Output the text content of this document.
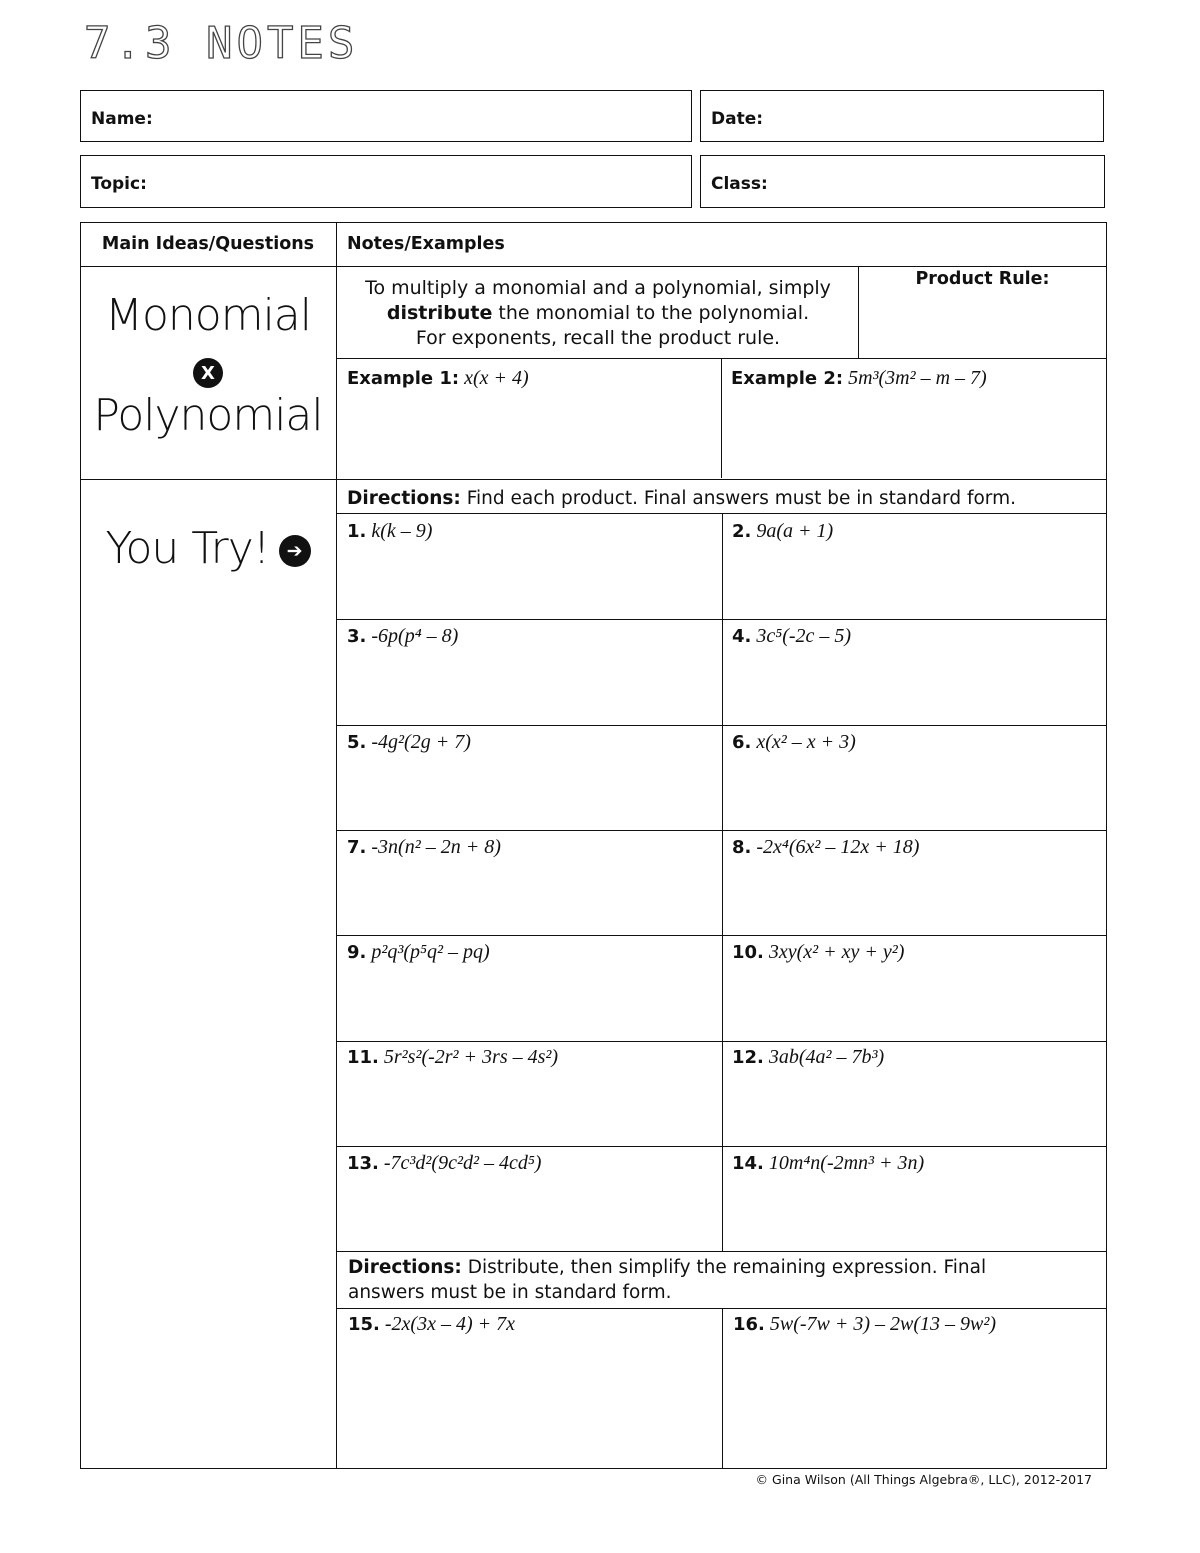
7.3 NOTES
Name:	Date:
Topic:	Class:
Main Ideas/Questions	Notes/Examples
Monomial
X
Polynomial
You Try! ➔
To multiply a monomial and a polynomial, simply
distribute the monomial to the polynomial.
For exponents, recall the product rule.
Product Rule:
Example 1: x(x + 4)	Example 2: 5m³(3m² – m – 7)
Directions: Find each product. Final answers must be in standard form.
1. k(k – 9)	2. 9a(a + 1)
3. -6p(p⁴ – 8)	4. 3c⁵(-2c – 5)
5. -4g²(2g + 7)	6. x(x² – x + 3)
7. -3n(n² – 2n + 8)	8. -2x⁴(6x² – 12x + 18)
9. p²q³(p⁵q² – pq)	10. 3xy(x² + xy + y²)
11. 5r²s²(-2r² + 3rs – 4s²)	12. 3ab(4a² – 7b³)
13. -7c³d²(9c²d² – 4cd⁵)	14. 10m⁴n(-2mn³ + 3n)
Directions: Distribute, then simplify the remaining expression. Final answers must be in standard form.
15. -2x(3x – 4) + 7x	16. 5w(-7w + 3) – 2w(13 – 9w²)
© Gina Wilson (All Things Algebra®, LLC), 2012-2017
